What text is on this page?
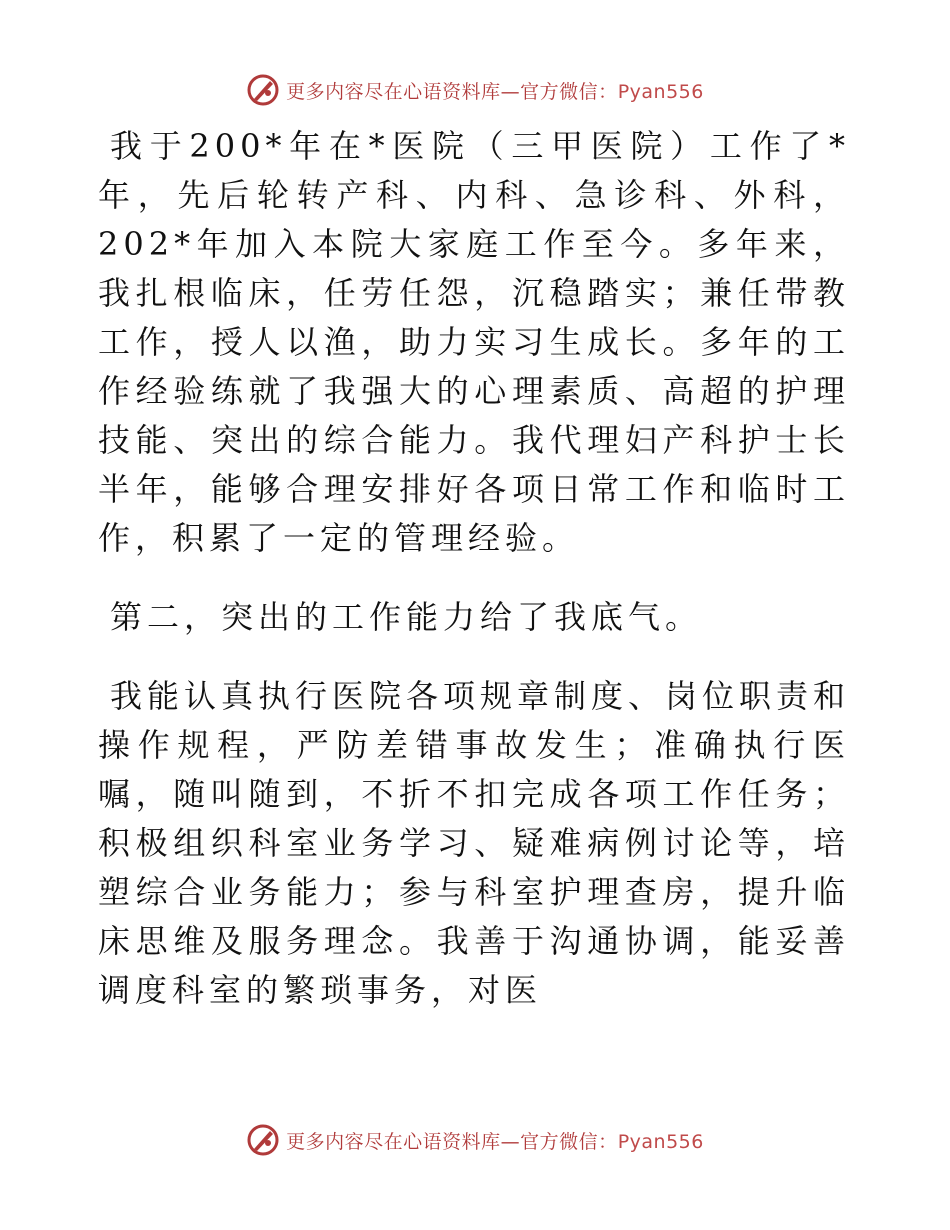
更多内容尽在心语资料库—官方微信：Pyan556

我于200*年在*医院（三甲医院）工作了*年，先后轮转产科、内科、急诊科、外科，202*年加入本院大家庭工作至今。多年来，我扎根临床，任劳任怨，沉稳踏实；兼任带教工作，授人以渔，助力实习生成长。多年的工作经验练就了我强大的心理素质、高超的护理技能、突出的综合能力。我代理妇产科护士长半年，能够合理安排好各项日常工作和临时工作，积累了一定的管理经验。

第二，突出的工作能力给了我底气。

我能认真执行医院各项规章制度、岗位职责和操作规程，严防差错事故发生；准确执行医嘱，随叫随到，不折不扣完成各项工作任务；积极组织科室业务学习、疑难病例讨论等，培塑综合业务能力；参与科室护理查房，提升临床思维及服务理念。我善于沟通协调，能妥善调度科室的繁琐事务，对医

更多内容尽在心语资料库—官方微信：Pyan556
